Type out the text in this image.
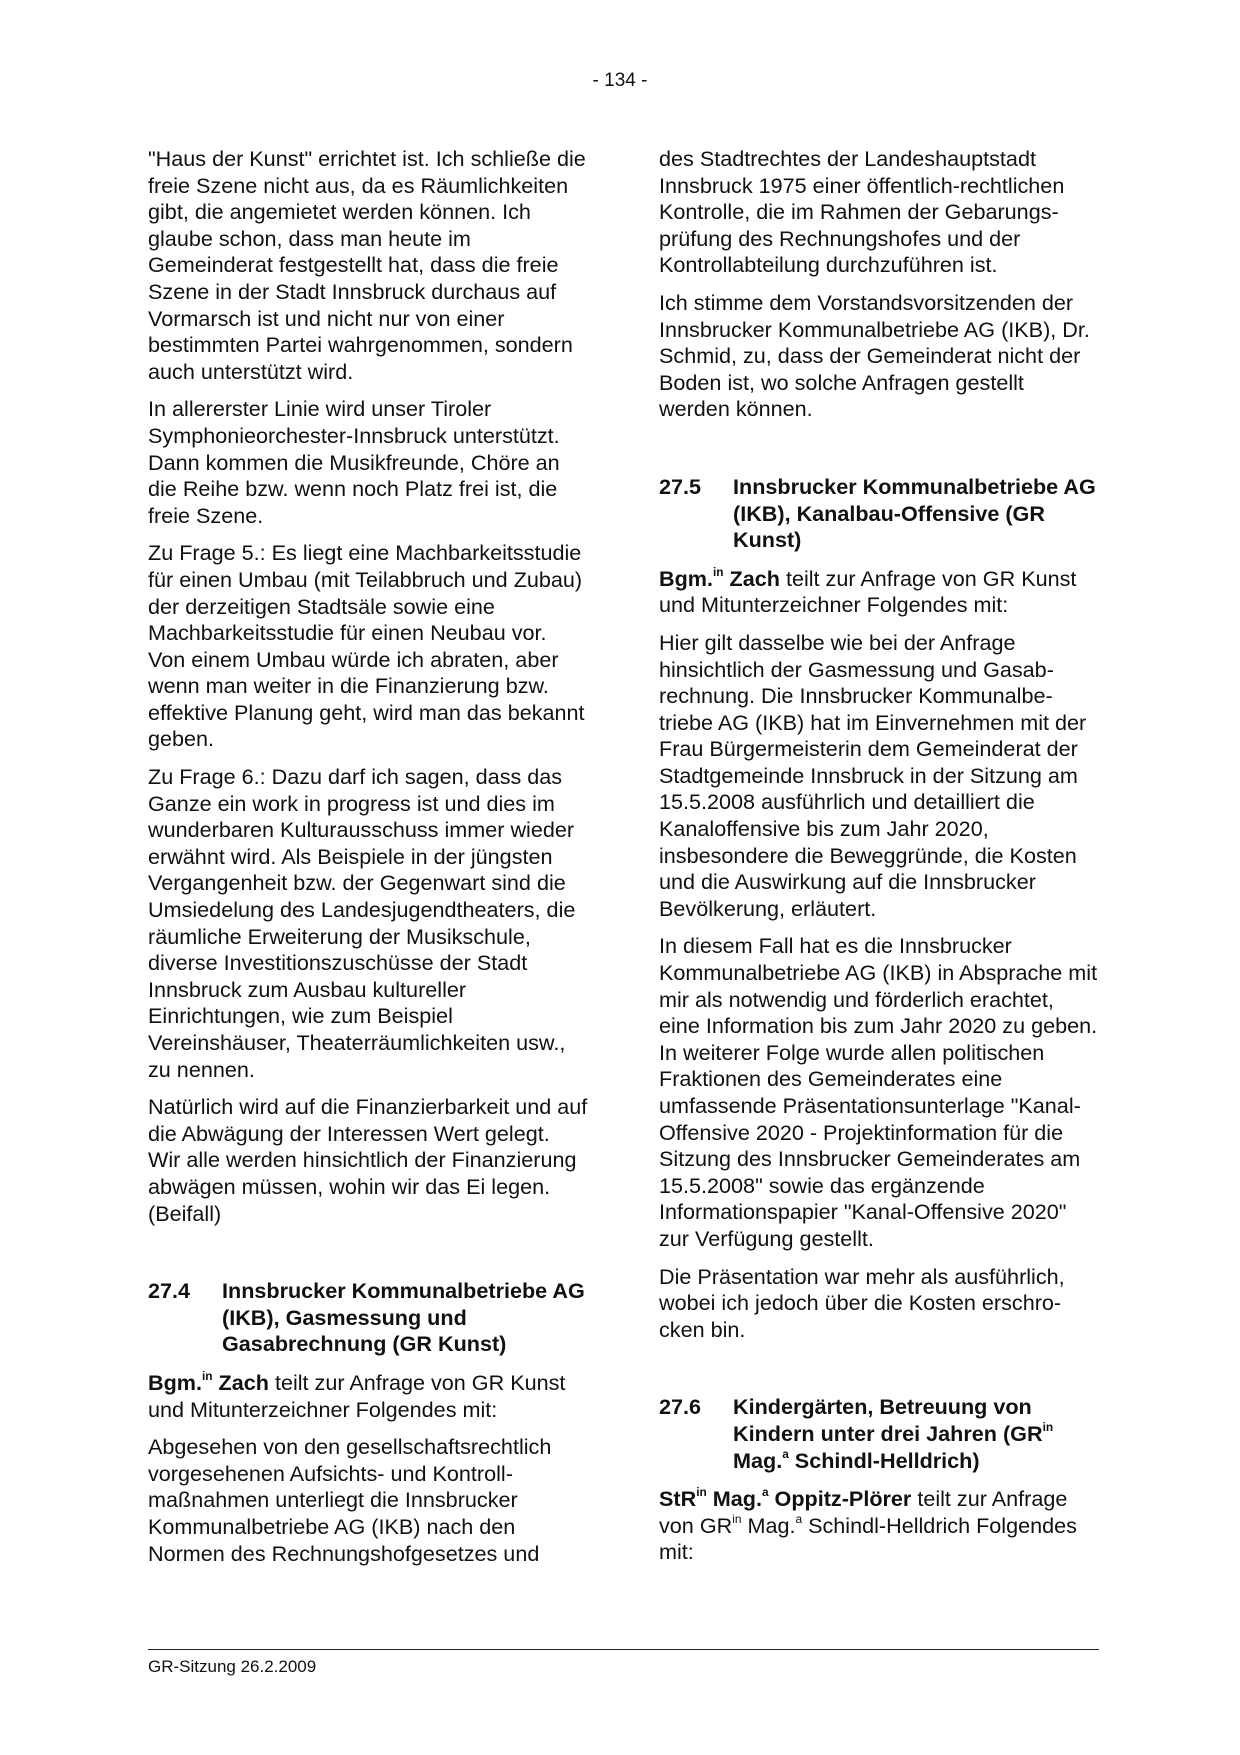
- 134 -

"Haus der Kunst" errichtet ist. Ich schließe die freie Szene nicht aus, da es Räumlichkeiten gibt, die angemietet werden können. Ich glaube schon, dass man heute im Gemeinderat festgestellt hat, dass die freie Szene in der Stadt Innsbruck durchaus auf Vormarsch ist und nicht nur von einer bestimmten Partei wahrgenommen, sondern auch unterstützt wird.

In allererster Linie wird unser Tiroler Symphonieorchester-Innsbruck unterstützt. Dann kommen die Musikfreunde, Chöre an die Reihe bzw. wenn noch Platz frei ist, die freie Szene.

Zu Frage 5.: Es liegt eine Machbarkeitsstudie für einen Umbau (mit Teilabbruch und Zubau) der derzeitigen Stadtsäle sowie eine Machbarkeitsstudie für einen Neubau vor. Von einem Umbau würde ich abraten, aber wenn man weiter in die Finanzierung bzw. effektive Planung geht, wird man das bekannt geben.

Zu Frage 6.: Dazu darf ich sagen, dass das Ganze ein work in progress ist und dies im wunderbaren Kulturausschuss immer wieder erwähnt wird. Als Beispiele in der jüngsten Vergangenheit bzw. der Gegenwart sind die Umsiedelung des Landesjugendtheaters, die räumliche Erweiterung der Musikschule, diverse Investitionszuschüsse der Stadt Innsbruck zum Ausbau kultureller Einrichtungen, wie zum Beispiel Vereinshäuser, Theaterräumlichkeiten usw., zu nennen.

Natürlich wird auf die Finanzierbarkeit und auf die Abwägung der Interessen Wert gelegt. Wir alle werden hinsichtlich der Finanzierung abwägen müssen, wohin wir das Ei legen. (Beifall)

27.4	Innsbrucker Kommunalbetriebe AG (IKB), Gasmessung und Gasabrechnung (GR Kunst)

Bgm.$^{in}$ Zach teilt zur Anfrage von GR Kunst und Mitunterzeichner Folgendes mit:

Abgesehen von den gesellschaftsrechtlich vorgesehenen Aufsichts- und Kontrollmaßnahmen unterliegt die Innsbrucker Kommunalbetriebe AG (IKB) nach den Normen des Rechnungshofgesetzes und

des Stadtrechtes der Landeshauptstadt Innsbruck 1975 einer öffentlich-rechtlichen Kontrolle, die im Rahmen der Gebarungsprüfung des Rechnungshofes und der Kontrollabteilung durchzuführen ist.

Ich stimme dem Vorstandsvorsitzenden der Innsbrucker Kommunalbetriebe AG (IKB), Dr. Schmid, zu, dass der Gemeinderat nicht der Boden ist, wo solche Anfragen gestellt werden können.

27.5	Innsbrucker Kommunalbetriebe AG (IKB), Kanalbau-Offensive (GR Kunst)

Bgm.$^{in}$ Zach teilt zur Anfrage von GR Kunst und Mitunterzeichner Folgendes mit:

Hier gilt dasselbe wie bei der Anfrage hinsichtlich der Gasmessung und Gasabrechnung. Die Innsbrucker Kommunalbetriebe AG (IKB) hat im Einvernehmen mit der Frau Bürgermeisterin dem Gemeinderat der Stadtgemeinde Innsbruck in der Sitzung am 15.5.2008 ausführlich und detailliert die Kanaloffensive bis zum Jahr 2020, insbesondere die Beweggründe, die Kosten und die Auswirkung auf die Innsbrucker Bevölkerung, erläutert.

In diesem Fall hat es die Innsbrucker Kommunalbetriebe AG (IKB) in Absprache mit mir als notwendig und förderlich erachtet, eine Information bis zum Jahr 2020 zu geben. In weiterer Folge wurde allen politischen Fraktionen des Gemeinderates eine umfassende Präsentationsunterlage "Kanal-Offensive 2020 - Projektinformation für die Sitzung des Innsbrucker Gemeinderates am 15.5.2008" sowie das ergänzende Informationspapier "Kanal-Offensive 2020" zur Verfügung gestellt.

Die Präsentation war mehr als ausführlich, wobei ich jedoch über die Kosten erschrocken bin.

27.6	Kindergärten, Betreuung von Kindern unter drei Jahren ($GR^{in}$ Mag.$^a$ Schindl-Helldrich)

StR$^{in}$ Mag.$^a$ Oppitz-Plörer teilt zur Anfrage von $GR^{in}$ Mag.$^a$ Schindl-Helldrich Folgendes mit:

GR-Sitzung 26.2.2009
